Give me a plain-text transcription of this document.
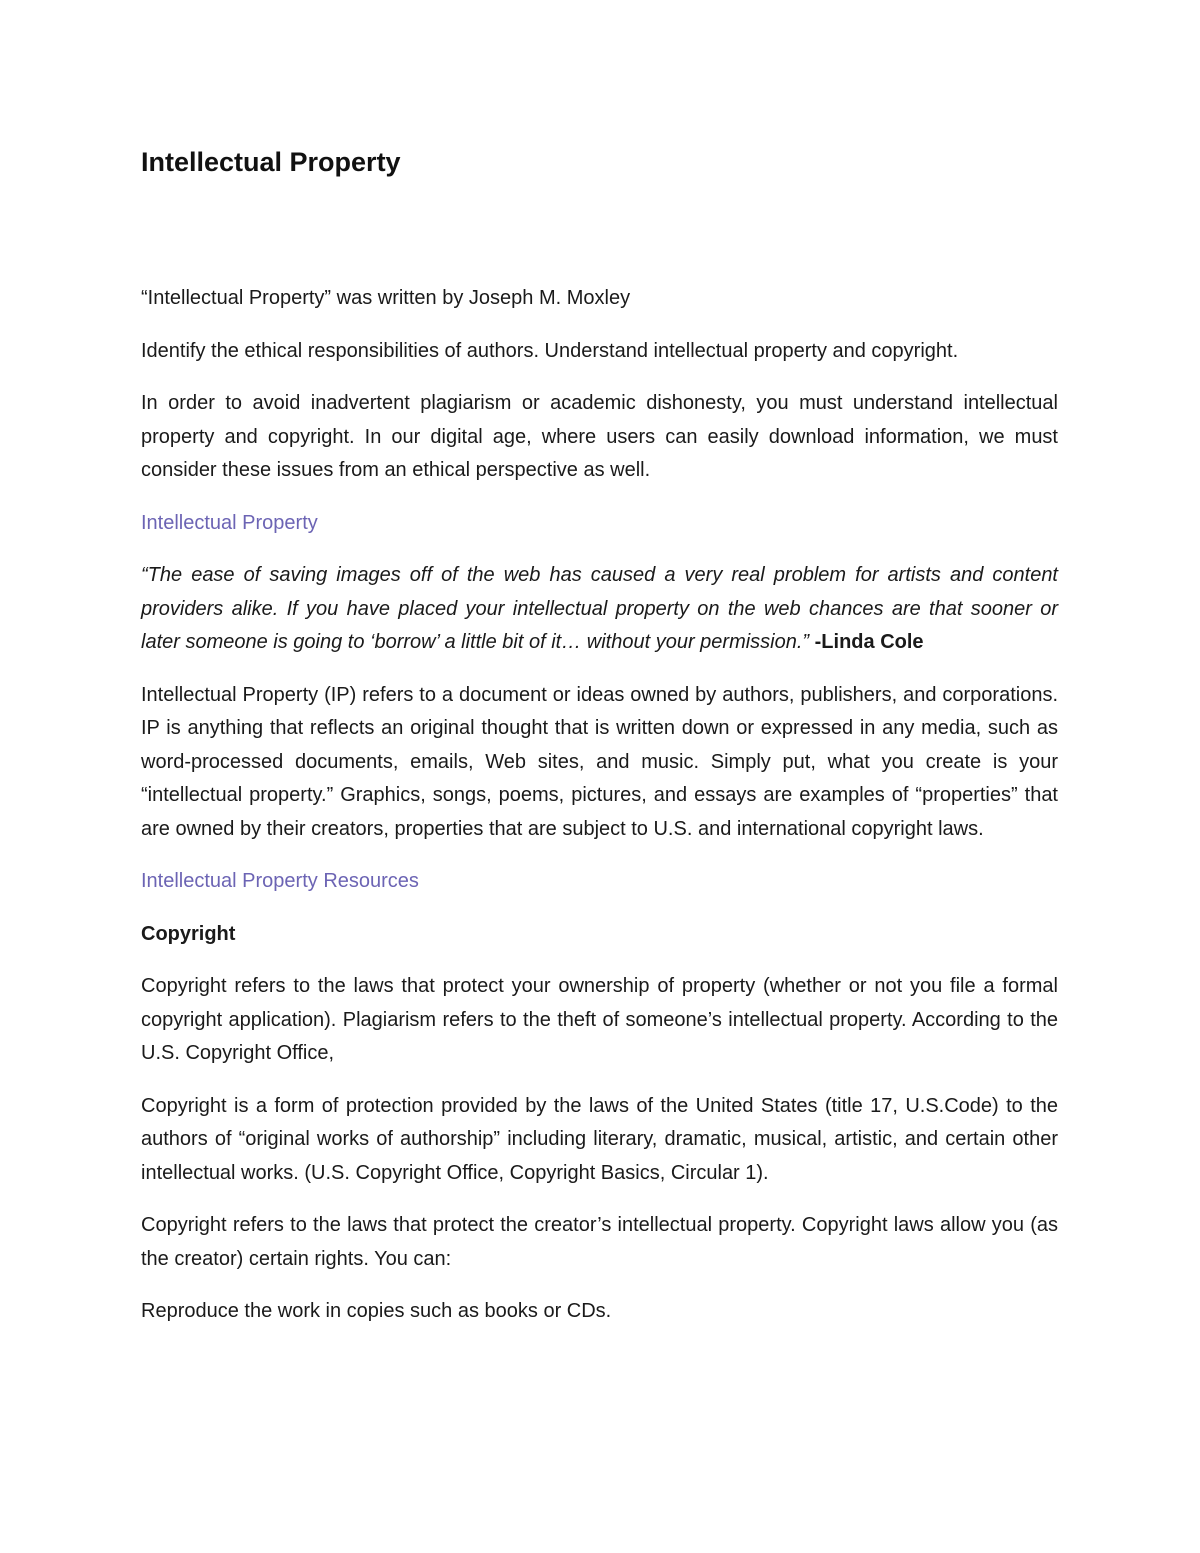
Intellectual Property

“Intellectual Property” was written by Joseph M. Moxley

Identify the ethical responsibilities of authors. Understand intellectual property and copyright.

In order to avoid inadvertent plagiarism or academic dishonesty, you must understand intellectual property and copyright. In our digital age, where users can easily download information, we must consider these issues from an ethical perspective as well.

Intellectual Property

“The ease of saving images off of the web has caused a very real problem for artists and content providers alike. If you have placed your intellectual property on the web chances are that sooner or later someone is going to ‘borrow’ a little bit of it… without your permission.” -Linda Cole

Intellectual Property (IP) refers to a document or ideas owned by authors, publishers, and corporations. IP is anything that reflects an original thought that is written down or expressed in any media, such as word-processed documents, emails, Web sites, and music. Simply put, what you create is your “intellectual property.” Graphics, songs, poems, pictures, and essays are examples of “properties” that are owned by their creators, properties that are subject to U.S. and international copyright laws.

Intellectual Property Resources
Copyright

Copyright refers to the laws that protect your ownership of property (whether or not you file a formal copyright application). Plagiarism refers to the theft of someone’s intellectual property. According to the U.S. Copyright Office,

Copyright is a form of protection provided by the laws of the United States (title 17, U.S.Code) to the authors of “original works of authorship” including literary, dramatic, musical, artistic, and certain other intellectual works. (U.S. Copyright Office, Copyright Basics, Circular 1).

Copyright refers to the laws that protect the creator’s intellectual property. Copyright laws allow you (as the creator) certain rights. You can:

Reproduce the work in copies such as books or CDs.
